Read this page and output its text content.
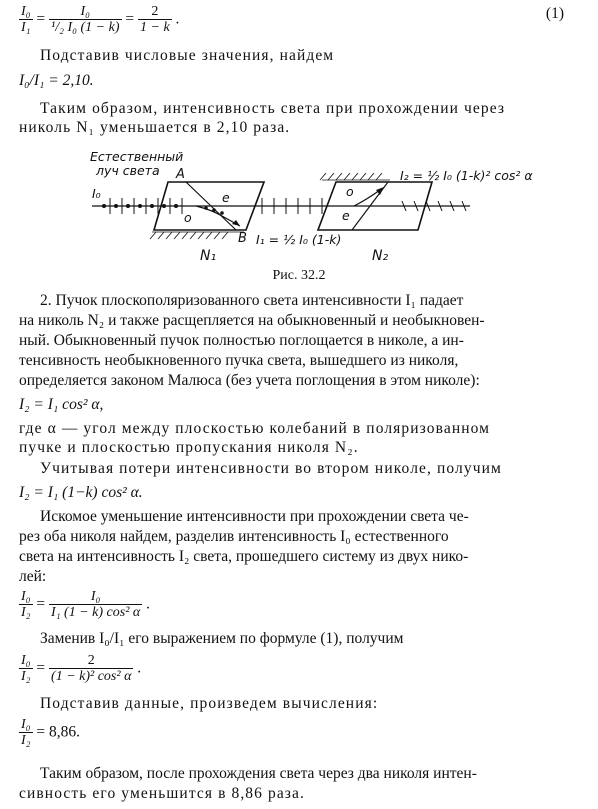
$\frac{\text{I₀}}{\text{I₁}} = \frac{\text{I₀}}{\text{¹/₂ I₀ (1 − k)}} = \frac{2}{1 - k}$ .	(1)
Подставив числовые значения, найдем
I₀/I₁ = 2,10.
Таким образом, интенсивность света при прохождении через
николь N₁ уменьшается в 2,10 раза.
Естественный
луч света
I₀
A
B
e
o
N₁
I₁ = ½ I₀ (1-k)
N₂
o
e
I₂ = ½ I₀ (1-k)² cos² α
Рис. 32.2
2. Пучок плоскополяризованного света интенсивности I₁ падает
на николь N₂ и также расщепляется на обыкновенный и необыкновен-
ный. Обыкновенный пучок полностью поглощается в николе, а ин-
тенсивность необыкновенного пучка света, вышедшего из николя,
определяется законом Малюса (без учета поглощения в этом николе):
I₂ = I₁ cos² α,
где α — угол между плоскостью колебаний в поляризованном
пучке и плоскостью пропускания николя N₂.
Учитывая потери интенсивности во втором николе, получим
I₂ = I₁ (1−k) cos² α.
Искомое уменьшение интенсивности при прохождении света че-
рез оба николя найдем, разделив интенсивность I₀ естественного
света на интенсивность I₂ света, прошедшего систему из двух нико-
лей:
$\frac{\text{I₀}}{\text{I₂}} = \frac{\text{I₀}}{\text{I₁ (1 − k) cos² α}}$ .
Заменив I₀/I₁ его выражением по формуле (1), получим
$\frac{\text{I₀}}{\text{I₂}} = \frac{2}{\text{(1 − k)² cos² α}}$ .
Подставив данные, произведем вычисления:
$\frac{\text{I₀}}{\text{I₂}} = 8,86$.
Таким образом, после прохождения света через два николя интен-
сивность его уменьшится в 8,86 раза.
